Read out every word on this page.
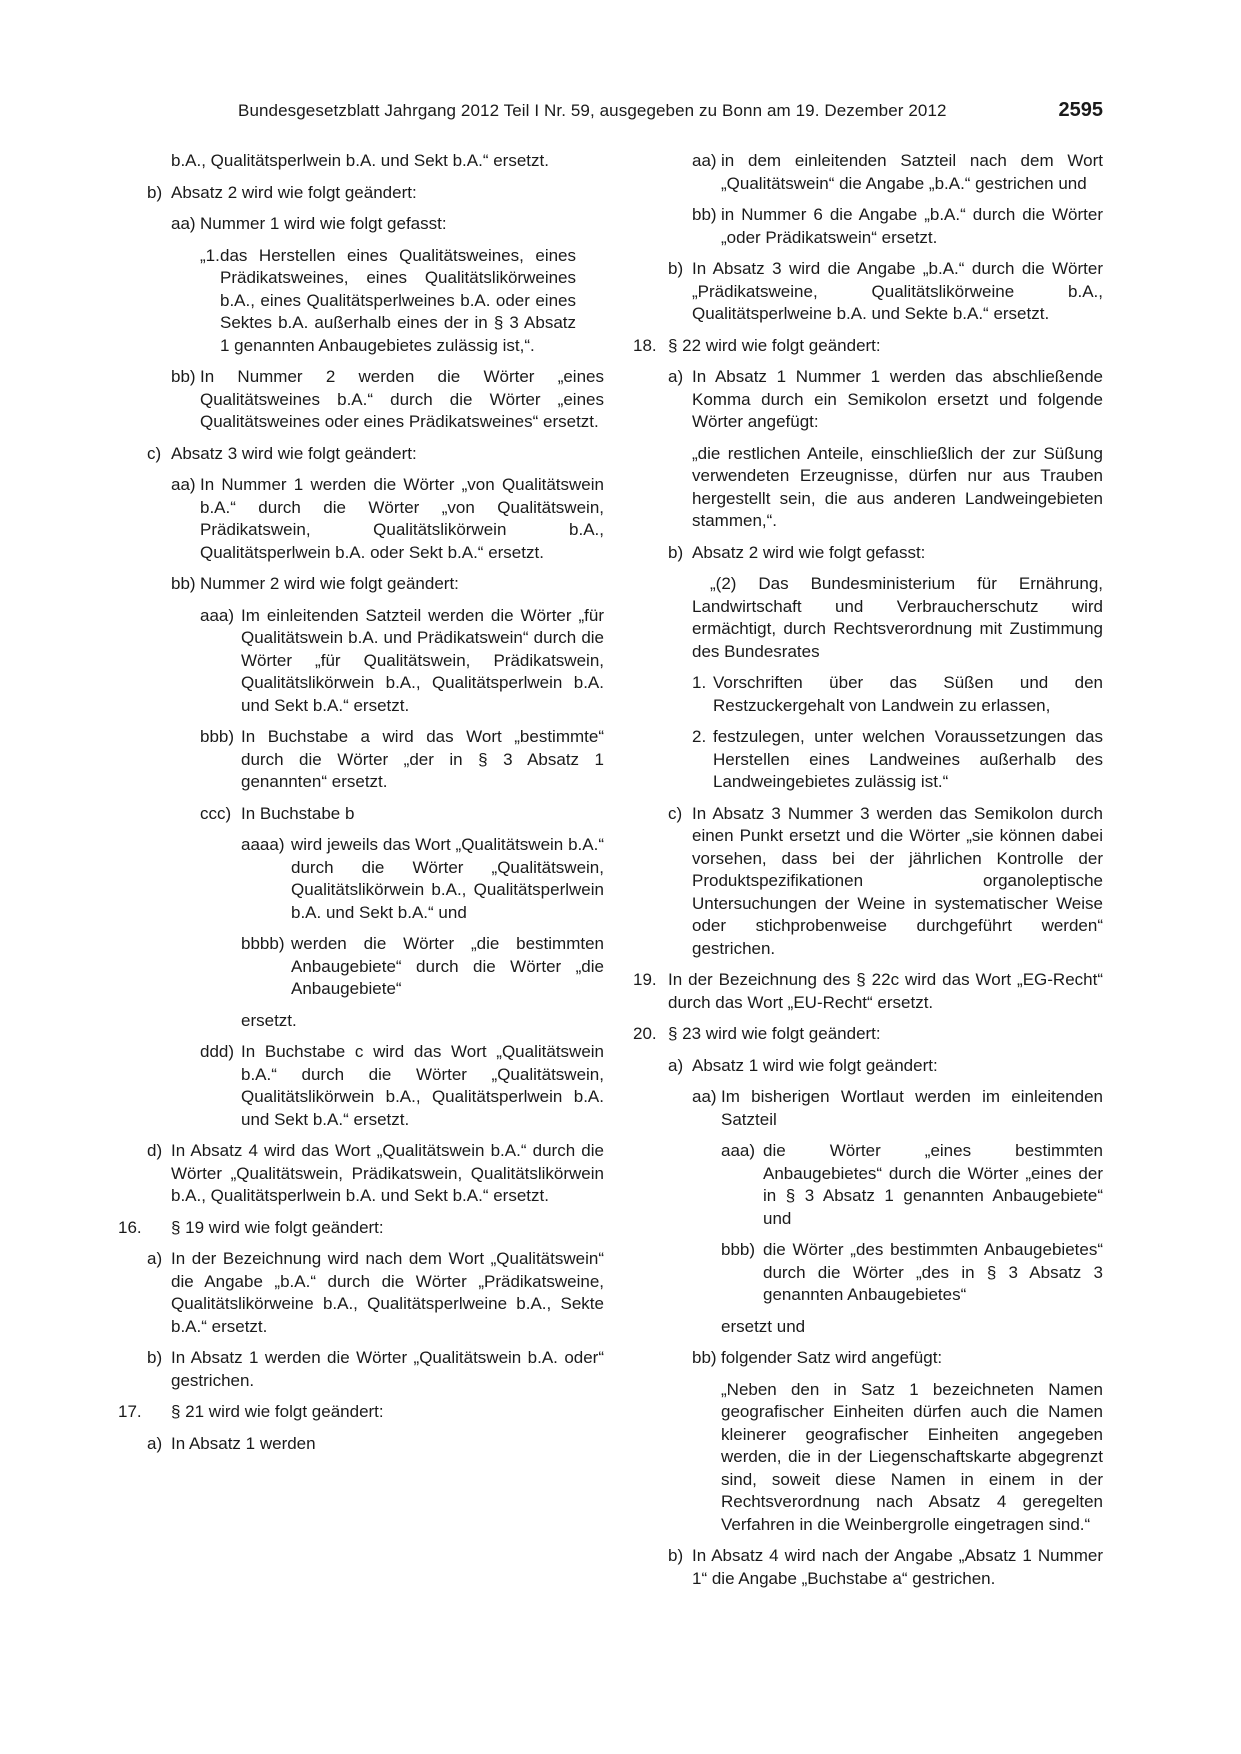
Bundesgesetzblatt Jahrgang 2012 Teil I Nr. 59, ausgegeben zu Bonn am 19. Dezember 2012	2595
b.A., Qualitätsperlwein b.A. und Sekt b.A.“ ersetzt.
b) Absatz 2 wird wie folgt geändert:
aa) Nummer 1 wird wie folgt gefasst:
„1. das Herstellen eines Qualitätsweines, eines Prädikatsweines, eines Qualitätslikörweines b.A., eines Qualitätsperlweines b.A. oder eines Sektes b.A. außerhalb eines der in § 3 Absatz 1 genannten Anbaugebietes zulässig ist,“.
bb) In Nummer 2 werden die Wörter „eines Qualitätsweines b.A.“ durch die Wörter „eines Qualitätsweines oder eines Prädikatsweines“ ersetzt.
c) Absatz 3 wird wie folgt geändert:
aa) In Nummer 1 werden die Wörter „von Qualitätswein b.A.“ durch die Wörter „von Qualitätswein, Prädikatswein, Qualitätslikörwein b.A., Qualitätsperlwein b.A. oder Sekt b.A.“ ersetzt.
bb) Nummer 2 wird wie folgt geändert:
aaa) Im einleitenden Satzteil werden die Wörter „für Qualitätswein b.A. und Prädikatswein“ durch die Wörter „für Qualitätswein, Prädikatswein, Qualitätslikörwein b.A., Qualitätsperlwein b.A. und Sekt b.A.“ ersetzt.
bbb) In Buchstabe a wird das Wort „bestimmte“ durch die Wörter „der in § 3 Absatz 1 genannten“ ersetzt.
ccc) In Buchstabe b
aaaa) wird jeweils das Wort „Qualitätswein b.A.“ durch die Wörter „Qualitätswein, Qualitätslikörwein b.A., Qualitätsperlwein b.A. und Sekt b.A.“ und
bbbb) werden die Wörter „die bestimmten Anbaugebiete“ durch die Wörter „die Anbaugebiete“
ersetzt.
ddd) In Buchstabe c wird das Wort „Qualitätswein b.A.“ durch die Wörter „Qualitätswein, Qualitätslikörwein b.A., Qualitätsperlwein b.A. und Sekt b.A.“ ersetzt.
d) In Absatz 4 wird das Wort „Qualitätswein b.A.“ durch die Wörter „Qualitätswein, Prädikatswein, Qualitätslikörwein b.A., Qualitätsperlwein b.A. und Sekt b.A.“ ersetzt.
16. § 19 wird wie folgt geändert:
a) In der Bezeichnung wird nach dem Wort „Qualitätswein“ die Angabe „b.A.“ durch die Wörter „Prädikatsweine, Qualitätslikörweine b.A., Qualitätsperlweine b.A., Sekte b.A.“ ersetzt.
b) In Absatz 1 werden die Wörter „Qualitätswein b.A. oder“ gestrichen.
17. § 21 wird wie folgt geändert:
a) In Absatz 1 werden
aa) in dem einleitenden Satzteil nach dem Wort „Qualitätswein“ die Angabe „b.A.“ gestrichen und
bb) in Nummer 6 die Angabe „b.A.“ durch die Wörter „oder Prädikatswein“ ersetzt.
b) In Absatz 3 wird die Angabe „b.A.“ durch die Wörter „Prädikatsweine, Qualitätslikörweine b.A., Qualitätsperlweine b.A. und Sekte b.A.“ ersetzt.
18. § 22 wird wie folgt geändert:
a) In Absatz 1 Nummer 1 werden das abschließende Komma durch ein Semikolon ersetzt und folgende Wörter angefügt:
„die restlichen Anteile, einschließlich der zur Süßung verwendeten Erzeugnisse, dürfen nur aus Trauben hergestellt sein, die aus anderen Landweingebieten stammen,“.
b) Absatz 2 wird wie folgt gefasst:
„(2) Das Bundesministerium für Ernährung, Landwirtschaft und Verbraucherschutz wird ermächtigt, durch Rechtsverordnung mit Zustimmung des Bundesrates
1. Vorschriften über das Süßen und den Restzuckergehalt von Landwein zu erlassen,
2. festzulegen, unter welchen Voraussetzungen das Herstellen eines Landweines außerhalb des Landweingebietes zulässig ist.“
c) In Absatz 3 Nummer 3 werden das Semikolon durch einen Punkt ersetzt und die Wörter „sie können dabei vorsehen, dass bei der jährlichen Kontrolle der Produktspezifikationen organoleptische Untersuchungen der Weine in systematischer Weise oder stichprobenweise durchgeführt werden“ gestrichen.
19. In der Bezeichnung des § 22c wird das Wort „EG-Recht“ durch das Wort „EU-Recht“ ersetzt.
20. § 23 wird wie folgt geändert:
a) Absatz 1 wird wie folgt geändert:
aa) Im bisherigen Wortlaut werden im einleitenden Satzteil
aaa) die Wörter „eines bestimmten Anbaugebietes“ durch die Wörter „eines der in § 3 Absatz 1 genannten Anbaugebiete“ und
bbb) die Wörter „des bestimmten Anbaugebietes“ durch die Wörter „des in § 3 Absatz 3 genannten Anbaugebietes“
ersetzt und
bb) folgender Satz wird angefügt:
„Neben den in Satz 1 bezeichneten Namen geografischer Einheiten dürfen auch die Namen kleinerer geografischer Einheiten angegeben werden, die in der Liegenschaftskarte abgegrenzt sind, soweit diese Namen in einem in der Rechtsverordnung nach Absatz 4 geregelten Verfahren in die Weinbergrolle eingetragen sind.“
b) In Absatz 4 wird nach der Angabe „Absatz 1 Nummer 1“ die Angabe „Buchstabe a“ gestrichen.
